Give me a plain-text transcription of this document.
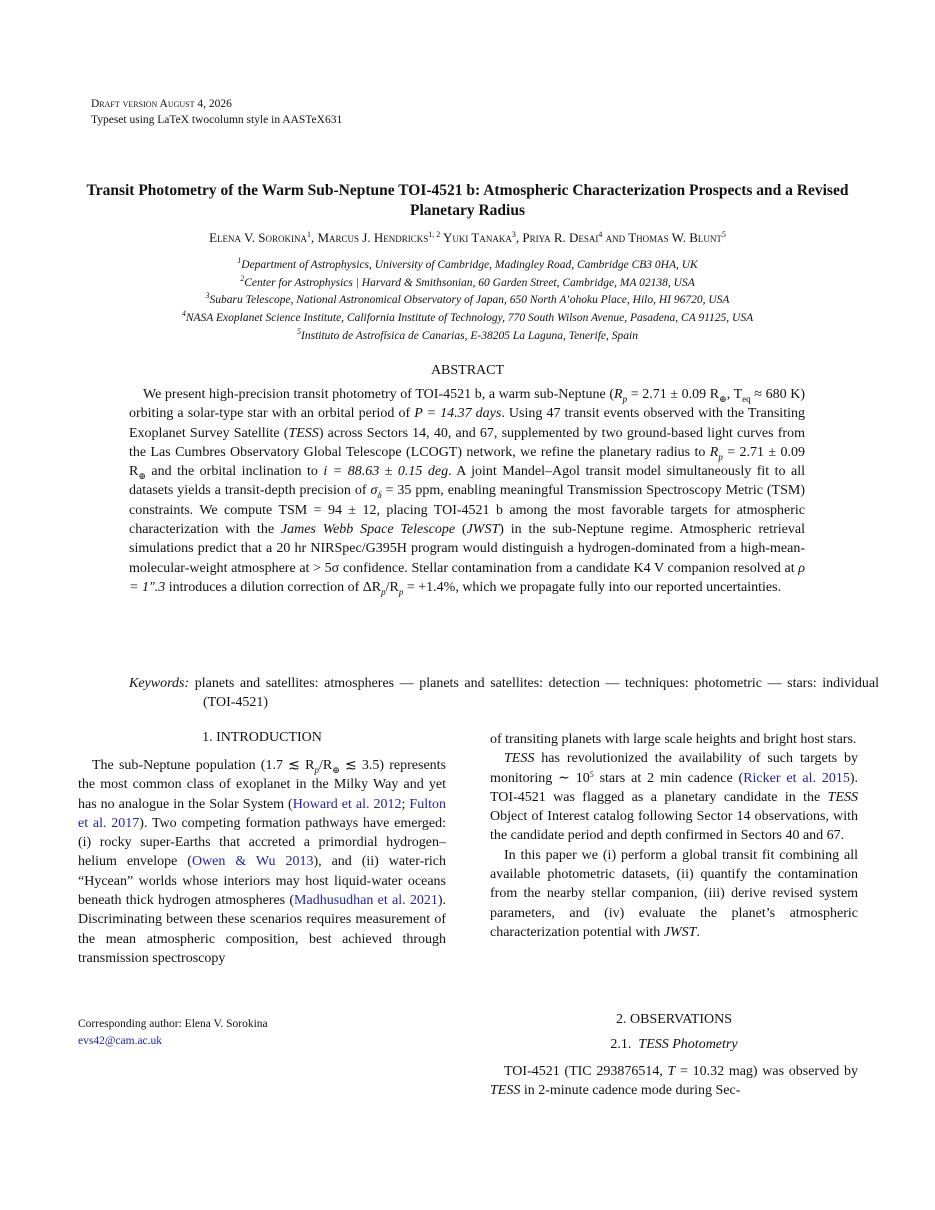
Draft version August 4, 2026
Typeset using LaTeX twocolumn style in AASTeX631
Transit Photometry of the Warm Sub-Neptune TOI-4521 b: Atmospheric Characterization Prospects and a Revised Planetary Radius
Elena V. Sorokina$^1$, Marcus J. Hendricks$^{1, 2}$ Yuki Tanaka$^3$, Priya R. Desai$^4$ and Thomas W. Blunt$^5$
$^1$Department of Astrophysics, University of Cambridge, Madingley Road, Cambridge CB3 0HA, UK
$^2$Center for Astrophysics | Harvard & Smithsonian, 60 Garden Street, Cambridge, MA 02138, USA
$^3$Subaru Telescope, National Astronomical Observatory of Japan, 650 North A’ohoku Place, Hilo, HI 96720, USA
$^4$NASA Exoplanet Science Institute, California Institute of Technology, 770 South Wilson Avenue, Pasadena, CA 91125, USA
$^5$Instituto de Astrofísica de Canarias, E-38205 La Laguna, Tenerife, Spain
ABSTRACT
We present high-precision transit photometry of TOI-4521 b, a warm sub-Neptune ($R_p = 2.71 \pm 0.09$ $R_\oplus$, $T_{eq} \approx 680$ K) orbiting a solar-type star with an orbital period of P = 14.37 days. Using 47 transit events observed with the Transiting Exoplanet Survey Satellite (TESS) across Sectors 14, 40, and 67, supplemented by two ground-based light curves from the Las Cumbres Observatory Global Telescope (LCOGT) network, we refine the planetary radius to $R_p = 2.71 \pm 0.09$ $R_\oplus$ and the orbital inclination to i = 88.63 ± 0.15 deg. A joint Mandel–Agol transit model simultaneously fit to all datasets yields a transit-depth precision of $\sigma_\delta = 35$ ppm, enabling meaningful Transmission Spectroscopy Metric (TSM) constraints. We compute TSM = 94 ± 12, placing TOI-4521 b among the most favorable targets for atmospheric characterization with the James Webb Space Telescope (JWST) in the sub-Neptune regime. Atmospheric retrieval simulations predict that a 20 hr NIRSpec/G395H program would distinguish a hydrogen-dominated from a high-mean-molecular-weight atmosphere at > 5σ confidence. Stellar contamination from a candidate K4 V companion resolved at ρ = 1″.3 introduces a dilution correction of $\Delta R_p/R_p = +1.4\%$, which we propagate fully into our reported uncertainties.
Keywords: planets and satellites: atmospheres — planets and satellites: detection — techniques: photometric — stars: individual (TOI-4521)
1. INTRODUCTION

The sub-Neptune population (1.7 ≲ $R_p/R_\oplus$ ≲ 3.5) represents the most common class of exoplanet in the Milky Way and yet has no analogue in the Solar System (Howard et al. 2012; Fulton et al. 2017). Two competing formation pathways have emerged: (i) rocky super-Earths that accreted a primordial hydrogen–helium envelope (Owen & Wu 2013), and (ii) water-rich “Hycean” worlds whose interiors may host liquid-water oceans beneath thick hydrogen atmospheres (Madhusudhan et al. 2021). Discriminating between these scenarios requires measurement of the mean atmospheric composition, best achieved through transmission spectroscopy

Corresponding author: Elena V. Sorokina
evs42@cam.ac.uk

of transiting planets with large scale heights and bright host stars.

TESS has revolutionized the availability of such targets by monitoring ∼ $10^5$ stars at 2 min cadence (Ricker et al. 2015). TOI-4521 was flagged as a planetary candidate in the TESS Object of Interest catalog following Sector 14 observations, with the candidate period and depth confirmed in Sectors 40 and 67.

In this paper we (i) perform a global transit fit combining all available photometric datasets, (ii) quantify the contamination from the nearby stellar companion, (iii) derive revised system parameters, and (iv) evaluate the planet’s atmospheric characterization potential with JWST.

2. OBSERVATIONS
2.1. TESS Photometry

TOI-4521 (TIC 293876514, T = 10.32 mag) was observed by TESS in 2-minute cadence mode during Sec-
